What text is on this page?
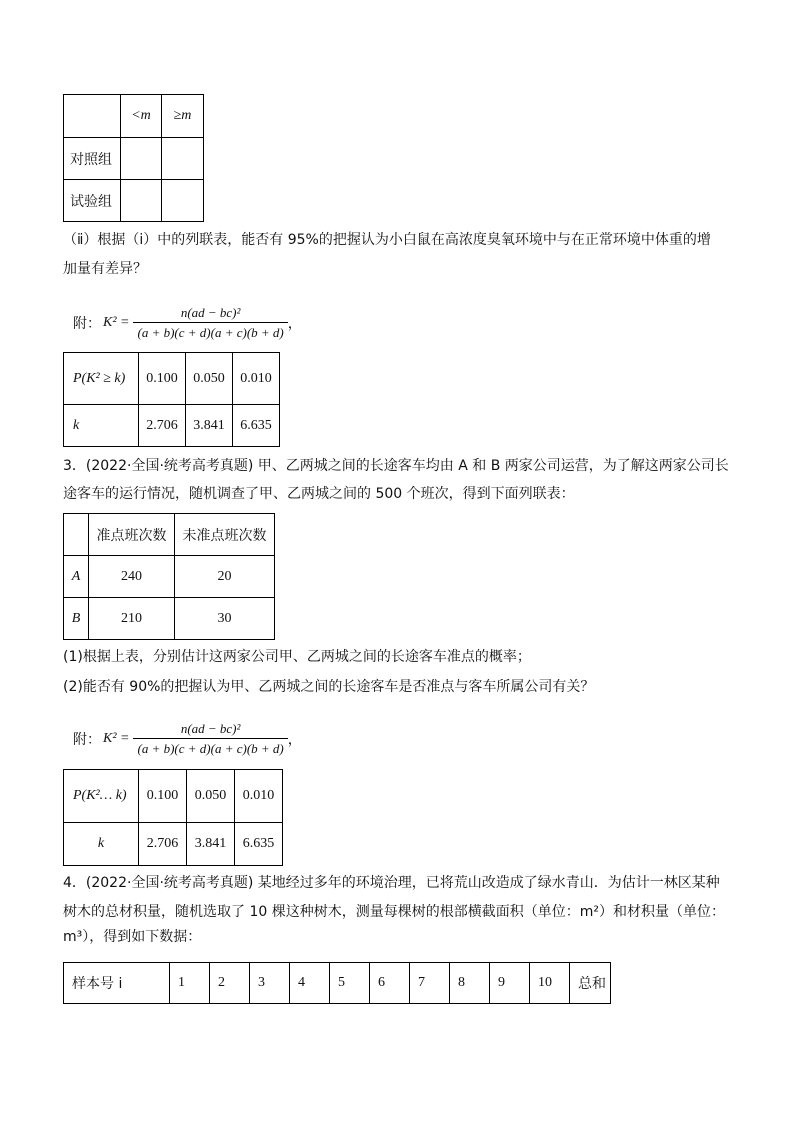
	<m	≥m
对照组		
试验组		
（ⅱ）根据（i）中的列联表，能否有 95%的把握认为小白鼠在高浓度臭氧环境中与在正常环境中体重的增
加量有差异？
附： $K^2 = \frac{\text{n(ad − bc)²}}{(a + b)(c + d)(a + c)(b + d)}$ ，
P(K² ≥ k)	0.100	0.050	0.010
k	2.706	3.841	6.635
3．(2022·全国·统考高考真题) 甲、乙两城之间的长途客车均由 A 和 B 两家公司运营，为了解这两家公司长
途客车的运行情况，随机调查了甲、乙两城之间的 500 个班次，得到下面列联表：
	准点班次数	未准点班次数
A	240	20
B	210	30
(1)根据上表，分别估计这两家公司甲、乙两城之间的长途客车准点的概率；
(2)能否有 90%的把握认为甲、乙两城之间的长途客车是否准点与客车所属公司有关？
附： $K^2 = \frac{\text{n(ad − bc)²}}{(a + b)(c + d)(a + c)(b + d)}$ ，
P(K²… k)	0.100	0.050	0.010
k	2.706	3.841	6.635
4．(2022·全国·统考高考真题) 某地经过多年的环境治理，已将荒山改造成了绿水青山．为估计一林区某种
树木的总材积量，随机选取了 10 棵这种树木，测量每棵树的根部横截面积（单位：m²）和材积量（单位：
m³），得到如下数据：
样本号 i	1	2	3	4	5	6	7	8	9	10	总和
